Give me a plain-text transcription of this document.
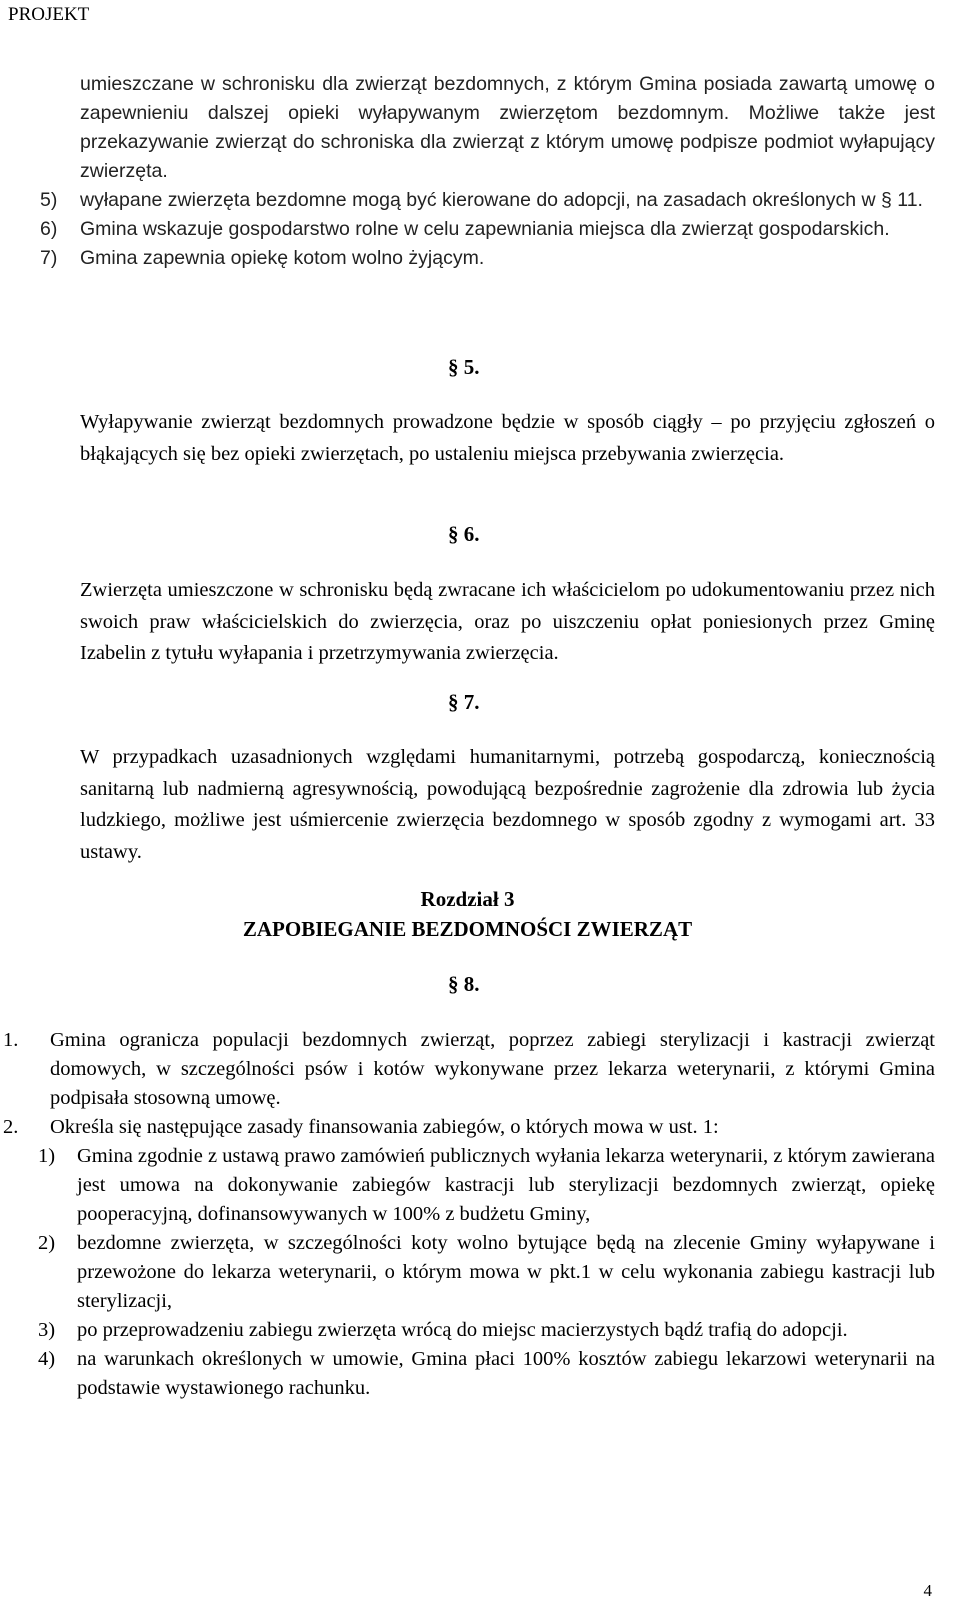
PROJEKT

umieszczane w schronisku dla zwierząt bezdomnych, z którym Gmina posiada zawartą umowę o zapewnieniu dalszej opieki wyłapywanym zwierzętom bezdomnym. Możliwe także jest przekazywanie zwierząt do schroniska dla zwierząt z którym umowę podpisze podmiot wyłapujący zwierzęta.

5)	wyłapane zwierzęta bezdomne mogą być kierowane do adopcji, na zasadach określonych w § 11.
6)	Gmina wskazuje gospodarstwo rolne w celu zapewniania miejsca dla zwierząt gospodarskich.
7)	Gmina zapewnia opiekę kotom wolno żyjącym.
§ 5.

Wyłapywanie zwierząt bezdomnych prowadzone będzie w sposób ciągły – po przyjęciu zgłoszeń o błąkających się bez opieki zwierzętach, po ustaleniu miejsca przebywania zwierzęcia.

§ 6.

Zwierzęta umieszczone w schronisku będą zwracane ich właścicielom po udokumentowaniu przez nich swoich praw właścicielskich do zwierzęcia, oraz po uiszczeniu opłat poniesionych przez Gminę Izabelin z tytułu wyłapania i przetrzymywania zwierzęcia.

§ 7.

W przypadkach uzasadnionych względami humanitarnymi, potrzebą gospodarczą, koniecznością sanitarną lub nadmierną agresywnością, powodującą bezpośrednie zagrożenie dla zdrowia lub życia ludzkiego, możliwe jest uśmiercenie zwierzęcia bezdomnego w sposób zgodny z wymogami art. 33 ustawy.

Rozdział 3
ZAPOBIEGANIE BEZDOMNOŚCI ZWIERZĄT
§ 8.
1.	Gmina ogranicza populacji bezdomnych zwierząt, poprzez zabiegi sterylizacji i kastracji zwierząt domowych, w szczególności psów i kotów wykonywane przez lekarza weterynarii, z którymi Gmina podpisała stosowną umowę.
2.	Określa się następujące zasady finansowania zabiegów, o których mowa w ust. 1:
1)	Gmina zgodnie z ustawą prawo zamówień publicznych wyłania lekarza weterynarii, z którym zawierana jest umowa na dokonywanie zabiegów kastracji lub sterylizacji bezdomnych zwierząt, opiekę pooperacyjną, dofinansowywanych w 100% z budżetu Gminy,
2)	bezdomne zwierzęta, w szczególności koty wolno bytujące będą na zlecenie Gminy wyłapywane i przewożone do lekarza weterynarii, o którym mowa w pkt.1 w celu wykonania zabiegu kastracji lub sterylizacji,
3)	po przeprowadzeniu zabiegu zwierzęta wrócą do miejsc macierzystych bądź trafią do adopcji.
4)	na warunkach określonych w umowie, Gmina płaci 100% kosztów zabiegu lekarzowi weterynarii na podstawie wystawionego rachunku.
4
